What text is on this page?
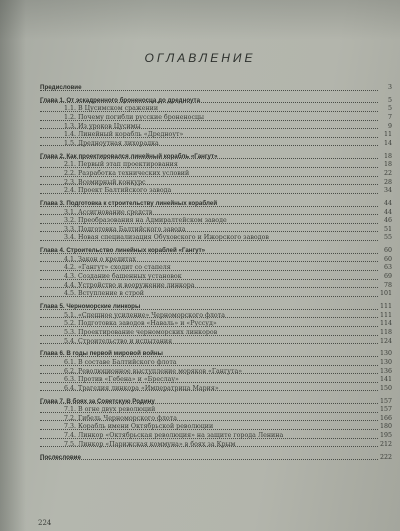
ОГЛАВЛЕНИЕ
Предисловие	3
Глава 1. От эскадренного броненосца до дредноута	5
1.1. В Цусимском сражении	5
1.2. Почему погибли русские броненосцы	7
1.3. Из уроков Цусимы	9
1.4. Линейный корабль «Дредноут»	11
1.5. Дредноутная лихорадка	14
Глава 2. Как проектировался линейный корабль «Гангут»	18
2.1. Первый этап проектирования	18
2.2. Разработка технических условий	22
2.3. Всемирный конкурс	28
2.4. Проект Балтийского завода	34
Глава 3. Подготовка к строительству линейных кораблей	44
3.1. Ассигнование средств	44
3.2. Преобразования на Адмиралтейском заводе	46
3.3. Подготовка Балтийского завода	51
3.4. Новая специализация Обуховского и Ижорского заводов	55
Глава 4. Строительство линейных кораблей «Гангут»	60
4.1. Закон о кредитах	60
4.2. «Гангут» сходит со стапеля	63
4.3. Создание башенных установок	69
4.4. Устройство и вооружение линкора	78
4.5. Вступление в строй	101
Глава 5. Черноморские линкоры	111
5.1. «Спешное усиление» Черноморского флота	111
5.2. Подготовка заводов «Наваль» и «Руссуд»	114
5.3. Проектирование черноморских линкоров	118
5.4. Строительство и испытания	124
Глава 6. В годы первой мировой войны	130
6.1. В составе Балтийского флота	130
6.2. Революционное выступление моряков «Гангута»	136
6.3. Против «Гебена» и «Бреслау»	141
6.4. Трагедия линкора «Императрица Мария»	150
Глава 7. В боях за Советскую Родину	157
7.1. В огне двух революций	157
7.2. Гибель Черноморского флота	166
7.3. Корабль имени Октябрьской революции	180
7.4. Линкор «Октябрьская революция» на защите города Ленина	195
7.5. Линкор «Парижская коммуна» в боях за Крым	212
Послесловие	222
224
